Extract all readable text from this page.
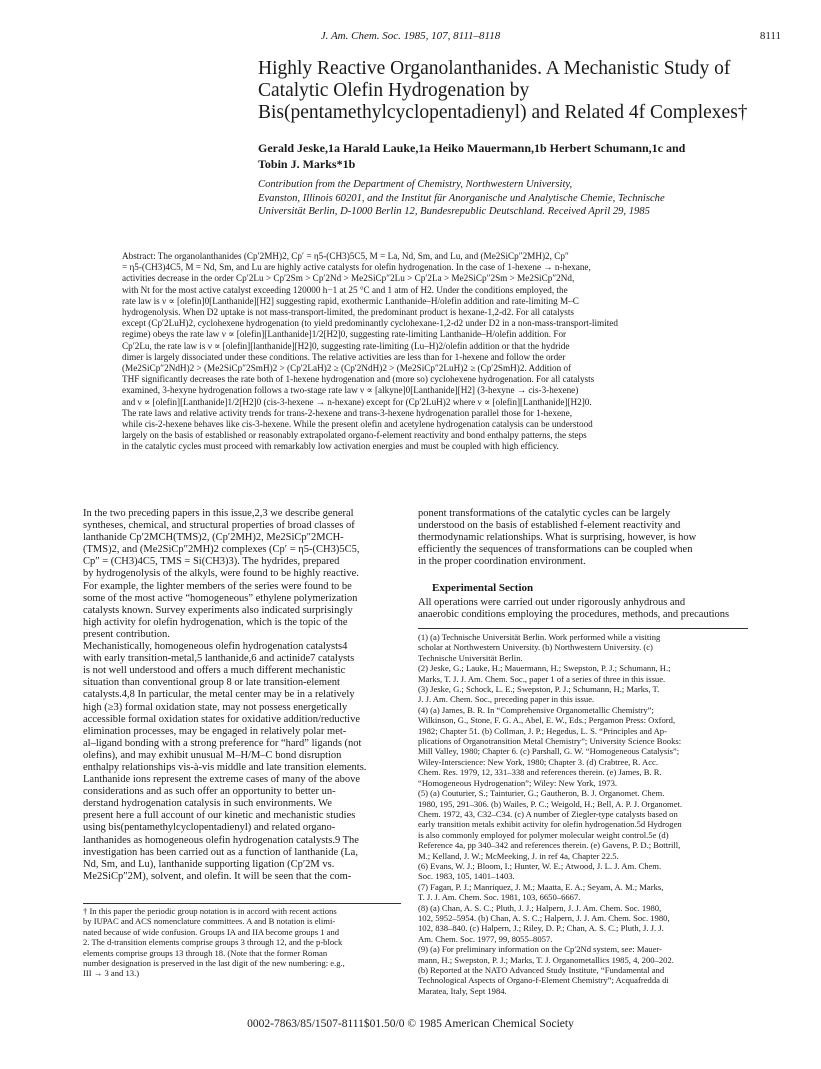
J. Am. Chem. Soc. 1985, 107, 8111–8118	8111
Highly Reactive Organolanthanides. A Mechanistic Study of
Catalytic Olefin Hydrogenation by
Bis(pentamethylcyclopentadienyl) and Related 4f Complexes†
Gerald Jeske,1a Harald Lauke,1a Heiko Mauermann,1b Herbert Schumann,1c and
Tobin J. Marks*1b
Contribution from the Department of Chemistry, Northwestern University,
Evanston, Illinois 60201, and the Institut für Anorganische und Analytische Chemie, Technische
Universität Berlin, D-1000 Berlin 12, Bundesrepublic Deutschland. Received April 29, 1985
Abstract: The organolanthanides (Cp′2MH)2, Cp′ = η5-(CH3)5C5, M = La, Nd, Sm, and Lu, and (Me2SiCp″2MH)2, Cp″
= η5-(CH3)4C5, M = Nd, Sm, and Lu are highly active catalysts for olefin hydrogenation. In the case of 1-hexene → n-hexane,
activities decrease in the order Cp′2Lu > Cp′2Sm > Cp′2Nd > Me2SiCp″2Lu > Cp′2La > Me2SiCp″2Sm > Me2SiCp″2Nd,
with Nt for the most active catalyst exceeding 120000 h−1 at 25 °C and 1 atm of H2. Under the conditions employed, the
rate law is ν ∝ [olefin]0[Lanthanide][H2] suggesting rapid, exothermic Lanthanide–H/olefin addition and rate-limiting M–C
hydrogenolysis. When D2 uptake is not mass-transport-limited, the predominant product is hexane-1,2-d2. For all catalysts
except (Cp′2LuH)2, cyclohexene hydrogenation (to yield predominantly cyclohexane-1,2-d2 under D2 in a non-mass-transport-limited
regime) obeys the rate law ν ∝ [olefin][Lanthanide]1/2[H2]0, suggesting rate-limiting Lanthanide–H/olefin addition. For
Cp′2Lu, the rate law is ν ∝ [olefin][lanthanide][H2]0, suggesting rate-limiting (Lu–H)2/olefin addition or that the hydride
dimer is largely dissociated under these conditions. The relative activities are less than for 1-hexene and follow the order
(Me2SiCp″2NdH)2 > (Me2SiCp″2SmH)2 > (Cp′2LaH)2 ≥ (Cp′2NdH)2 > (Me2SiCp″2LuH)2 ≥ (Cp′2SmH)2. Addition of
THF significantly decreases the rate both of 1-hexene hydrogenation and (more so) cyclohexene hydrogenation. For all catalysts
examined, 3-hexyne hydrogenation follows a two-stage rate law ν ∝ [alkyne]0[Lanthanide][H2] (3-hexyne → cis-3-hexene)
and ν ∝ [olefin][Lanthanide]1/2[H2]0 (cis-3-hexene → n-hexane) except for (Cp′2LuH)2 where ν ∝ [olefin][Lanthanide][H2]0.
The rate laws and relative activity trends for trans-2-hexene and trans-3-hexene hydrogenation parallel those for 1-hexene,
while cis-2-hexene behaves like cis-3-hexene. While the present olefin and acetylene hydrogenation catalysis can be understood
largely on the basis of established or reasonably extrapolated organo-f-element reactivity and bond enthalpy patterns, the steps
in the catalytic cycles must proceed with remarkably low activation energies and must be coupled with high efficiency.
In the two preceding papers in this issue,2,3 we describe general
syntheses, chemical, and structural properties of broad classes of
lanthanide Cp′2MCH(TMS)2, (Cp′2MH)2, Me2SiCp″2MCH-
(TMS)2, and (Me2SiCp″2MH)2 complexes (Cp′ = η5-(CH3)5C5,
Cp″ = (CH3)4C5, TMS = Si(CH3)3). The hydrides, prepared
by hydrogenolysis of the alkyls, were found to be highly reactive.
For example, the lighter members of the series were found to be
some of the most active “homogeneous” ethylene polymerization
catalysts known. Survey experiments also indicated surprisingly
high activity for olefin hydrogenation, which is the topic of the
present contribution.
Mechanistically, homogeneous olefin hydrogenation catalysts4
with early transition-metal,5 lanthanide,6 and actinide7 catalysts
is not well understood and offers a much different mechanistic
situation than conventional group 8 or late transition-element
catalysts.4,8 In particular, the metal center may be in a relatively
high (≥3) formal oxidation state, may not possess energetically
accessible formal oxidation states for oxidative addition/reductive
elimination processes, may be engaged in relatively polar met-
al–ligand bonding with a strong preference for “hard” ligands (not
olefins), and may exhibit unusual M–H/M–C bond disruption
enthalpy relationships vis-à-vis middle and late transition elements.
Lanthanide ions represent the extreme cases of many of the above
considerations and as such offer an opportunity to better un-
derstand hydrogenation catalysis in such environments. We
present here a full account of our kinetic and mechanistic studies
using bis(pentamethylcyclopentadienyl) and related organo-
lanthanides as homogeneous olefin hydrogenation catalysts.9 The
investigation has been carried out as a function of lanthanide (La,
Nd, Sm, and Lu), lanthanide supporting ligation (Cp′2M vs.
Me2SiCp″2M), solvent, and olefin. It will be seen that the com-
ponent transformations of the catalytic cycles can be largely
understood on the basis of established f-element reactivity and
thermodynamic relationships. What is surprising, however, is how
efficiently the sequences of transformations can be coupled when
in the proper coordination environment.
Experimental Section
All operations were carried out under rigorously anhydrous and
anaerobic conditions employing the procedures, methods, and precautions
† In this paper the periodic group notation is in accord with recent actions
by IUPAC and ACS nomenclature committees. A and B notation is elimi-
nated because of wide confusion. Groups IA and IIA become groups 1 and
2. The d-transition elements comprise groups 3 through 12, and the p-block
elements comprise groups 13 through 18. (Note that the former Roman
number designation is preserved in the last digit of the new numbering: e.g.,
III → 3 and 13.)
(1) (a) Technische Universität Berlin. Work performed while a visiting
scholar at Northwestern University. (b) Northwestern University. (c)
Technische Universität Berlin.
(2) Jeske, G.; Lauke, H.; Mauermann, H.; Swepston, P. J.; Schumann, H.;
Marks, T. J. J. Am. Chem. Soc., paper 1 of a series of three in this issue.
(3) Jeske, G.; Schock, L. E.; Swepston, P. J.; Schumann, H.; Marks, T.
J. J. Am. Chem. Soc., preceding paper in this issue.
(4) (a) James, B. R. In “Comprehensive Organometallic Chemistry”;
Wilkinson, G., Stone, F. G. A., Abel, E. W., Eds.; Pergamon Press: Oxford,
1982; Chapter 51. (b) Collman, J. P.; Hegedus, L. S. “Principles and Ap-
plications of Organotransition Metal Chemistry”; University Science Books:
Mill Valley, 1980; Chapter 6. (c) Parshall, G. W. “Homogeneous Catalysis”;
Wiley-Interscience: New York, 1980; Chapter 3. (d) Crabtree, R. Acc.
Chem. Res. 1979, 12, 331–338 and references therein. (e) James, B. R.
“Homogeneous Hydrogenation”; Wiley: New York, 1973.
(5) (a) Couturier, S.; Tainturier, G.; Gautheron, B. J. Organomet. Chem.
1980, 195, 291–306. (b) Wailes, P. C.; Weigold, H.; Bell, A. P. J. Organomet.
Chem. 1972, 43, C32–C34. (c) A number of Ziegler-type catalysts based on
early transition metals exhibit activity for olefin hydrogenation.5d Hydrogen
is also commonly employed for polymer molecular weight control.5e (d)
Reference 4a, pp 340–342 and references therein. (e) Gavens, P. D.; Bottrill,
M.; Kelland, J. W.; McMeeking, J. in ref 4a, Chapter 22.5.
(6) Evans, W. J.; Bloom, I.; Hunter, W. E.; Atwood, J. L. J. Am. Chem.
Soc. 1983, 105, 1401–1403.
(7) Fagan, P. J.; Manriquez, J. M.; Maatta, E. A.; Seyam, A. M.; Marks,
T. J. J. Am. Chem. Soc. 1981, 103, 6650–6667.
(8) (a) Chan, A. S. C.; Pluth, J. J.; Halpern, J. J. Am. Chem. Soc. 1980,
102, 5952–5954. (b) Chan, A. S. C.; Halpern, J. J. Am. Chem. Soc. 1980,
102, 838–840. (c) Halpern, J.; Riley, D. P.; Chan, A. S. C.; Pluth, J. J. J.
Am. Chem. Soc. 1977, 99, 8055–8057.
(9) (a) For preliminary information on the Cp′2Nd system, see: Mauer-
mann, H.; Swepston, P. J.; Marks, T. J. Organometallics 1985, 4, 200–202.
(b) Reported at the NATO Advanced Study Institute, “Fundamental and
Technological Aspects of Organo-f-Element Chemistry”; Acquafredda di
Maratea, Italy, Sept 1984.
0002-7863/85/1507-8111$01.50/0 © 1985 American Chemical Society
